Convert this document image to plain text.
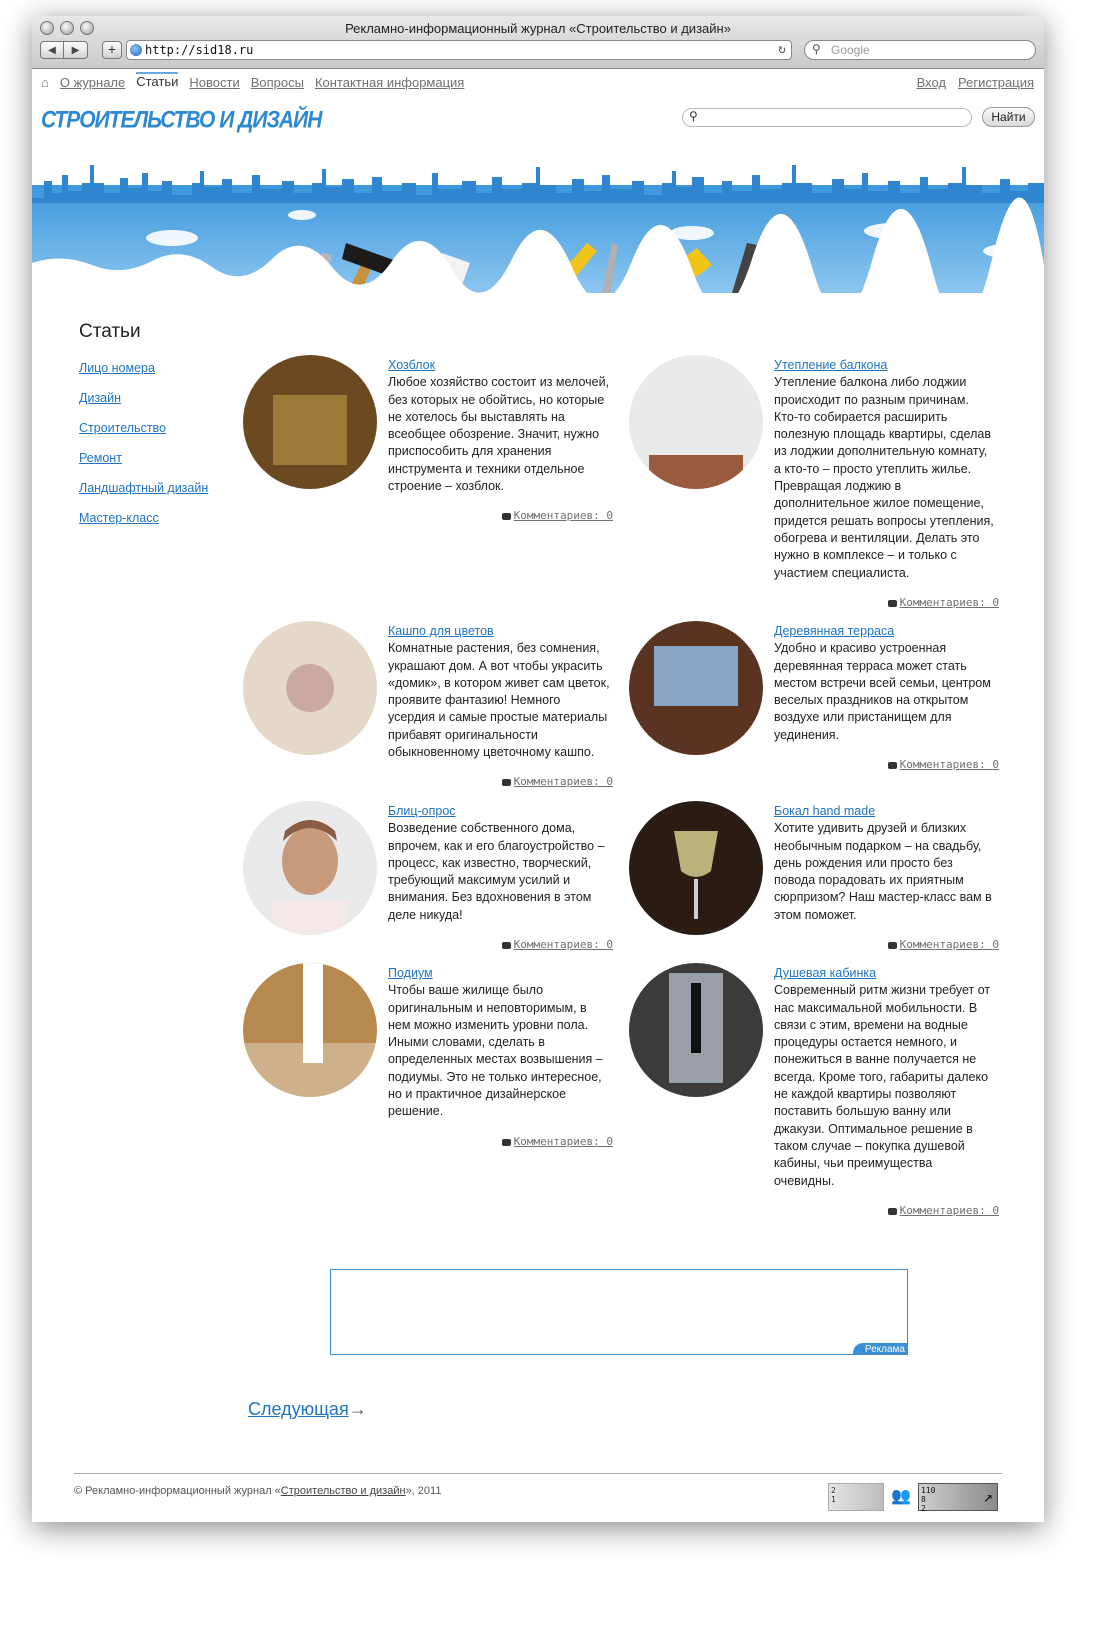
Рекламно-информационный журнал «Строительство и дизайн»
◀	▶	+	http://sid18.ru	↻ ⚲ Google
⌂ О журнале Статьи Новости Вопросы Контактная информация	Вход Регистрация
СТРОИТЕЛЬСТВО И ДИЗАЙН	⚲	Найти
Статьи
Лицо номера
Дизайн
Строительство
Ремонт
Ландшафтный дизайн
Мастер-класс
Хозблок
Любое хозяйство состоит из мелочей, без которых не обойтись, но которые не хотелось бы выставлять на всеобщее обозрение. Значит, нужно приспособить для хранения инструмента и техники отдельное строение – хозблок.
Комментариев: 0
Утепление балкона
Утепление балкона либо лоджии происходит по разным причинам. Кто-то собирается расширить полезную площадь квартиры, сделав из лоджии дополнительную комнату, а кто-то – просто утеплить жилье. Превращая лоджию в дополнительное жилое помещение, придется решать вопросы утепления, обогрева и вентиляции. Делать это нужно в комплексе – и только с участием специалиста.
Комментариев: 0
Кашпо для цветов
Комнатные растения, без сомнения, украшают дом. А вот чтобы украсить «домик», в котором живет сам цветок, проявите фантазию! Немного усердия и самые простые материалы прибавят оригинальности обыкновенному цветочному кашпо.
Комментариев: 0
Деревянная терраса
Удобно и красиво устроенная деревянная терраса может стать местом встречи всей семьи, центром веселых праздников на открытом воздухе или пристанищем для уединения.
Комментариев: 0
Блиц-опрос
Возведение собственного дома, впрочем, как и его благоустройство – процесс, как известно, творческий, требующий максимум усилий и внимания. Без вдохновения в этом деле никуда!
Комментариев: 0
Бокал hand made
Хотите удивить друзей и близких необычным подарком – на свадьбу, день рождения или просто без повода порадовать их приятным сюрпризом? Наш мастер-класс вам в этом поможет.
Комментариев: 0
Подиум
Чтобы ваше жилище было оригинальным и неповторимым, в нем можно изменить уровни пола. Иными словами, сделать в определенных местах возвышения – подиумы. Это не только интересное, но и практичное дизайнерское решение.
Комментариев: 0
Душевая кабинка
Современный ритм жизни требует от нас максимальной мобильности. В связи с этим, времени на водные процедуры остается немного, и понежиться в ванне получается не всегда. Кроме того, габариты далеко не каждой квартиры позволяют поставить большую ванну или джакузи. Оптимальное решение в таком случае – покупка душевой кабины, чьи преимущества очевидны.
Комментариев: 0
Реклама
Следующая→
© Рекламно-информационный журнал «Строительство и дизайн», 2011	2
1	👥 110
8
2
↗
